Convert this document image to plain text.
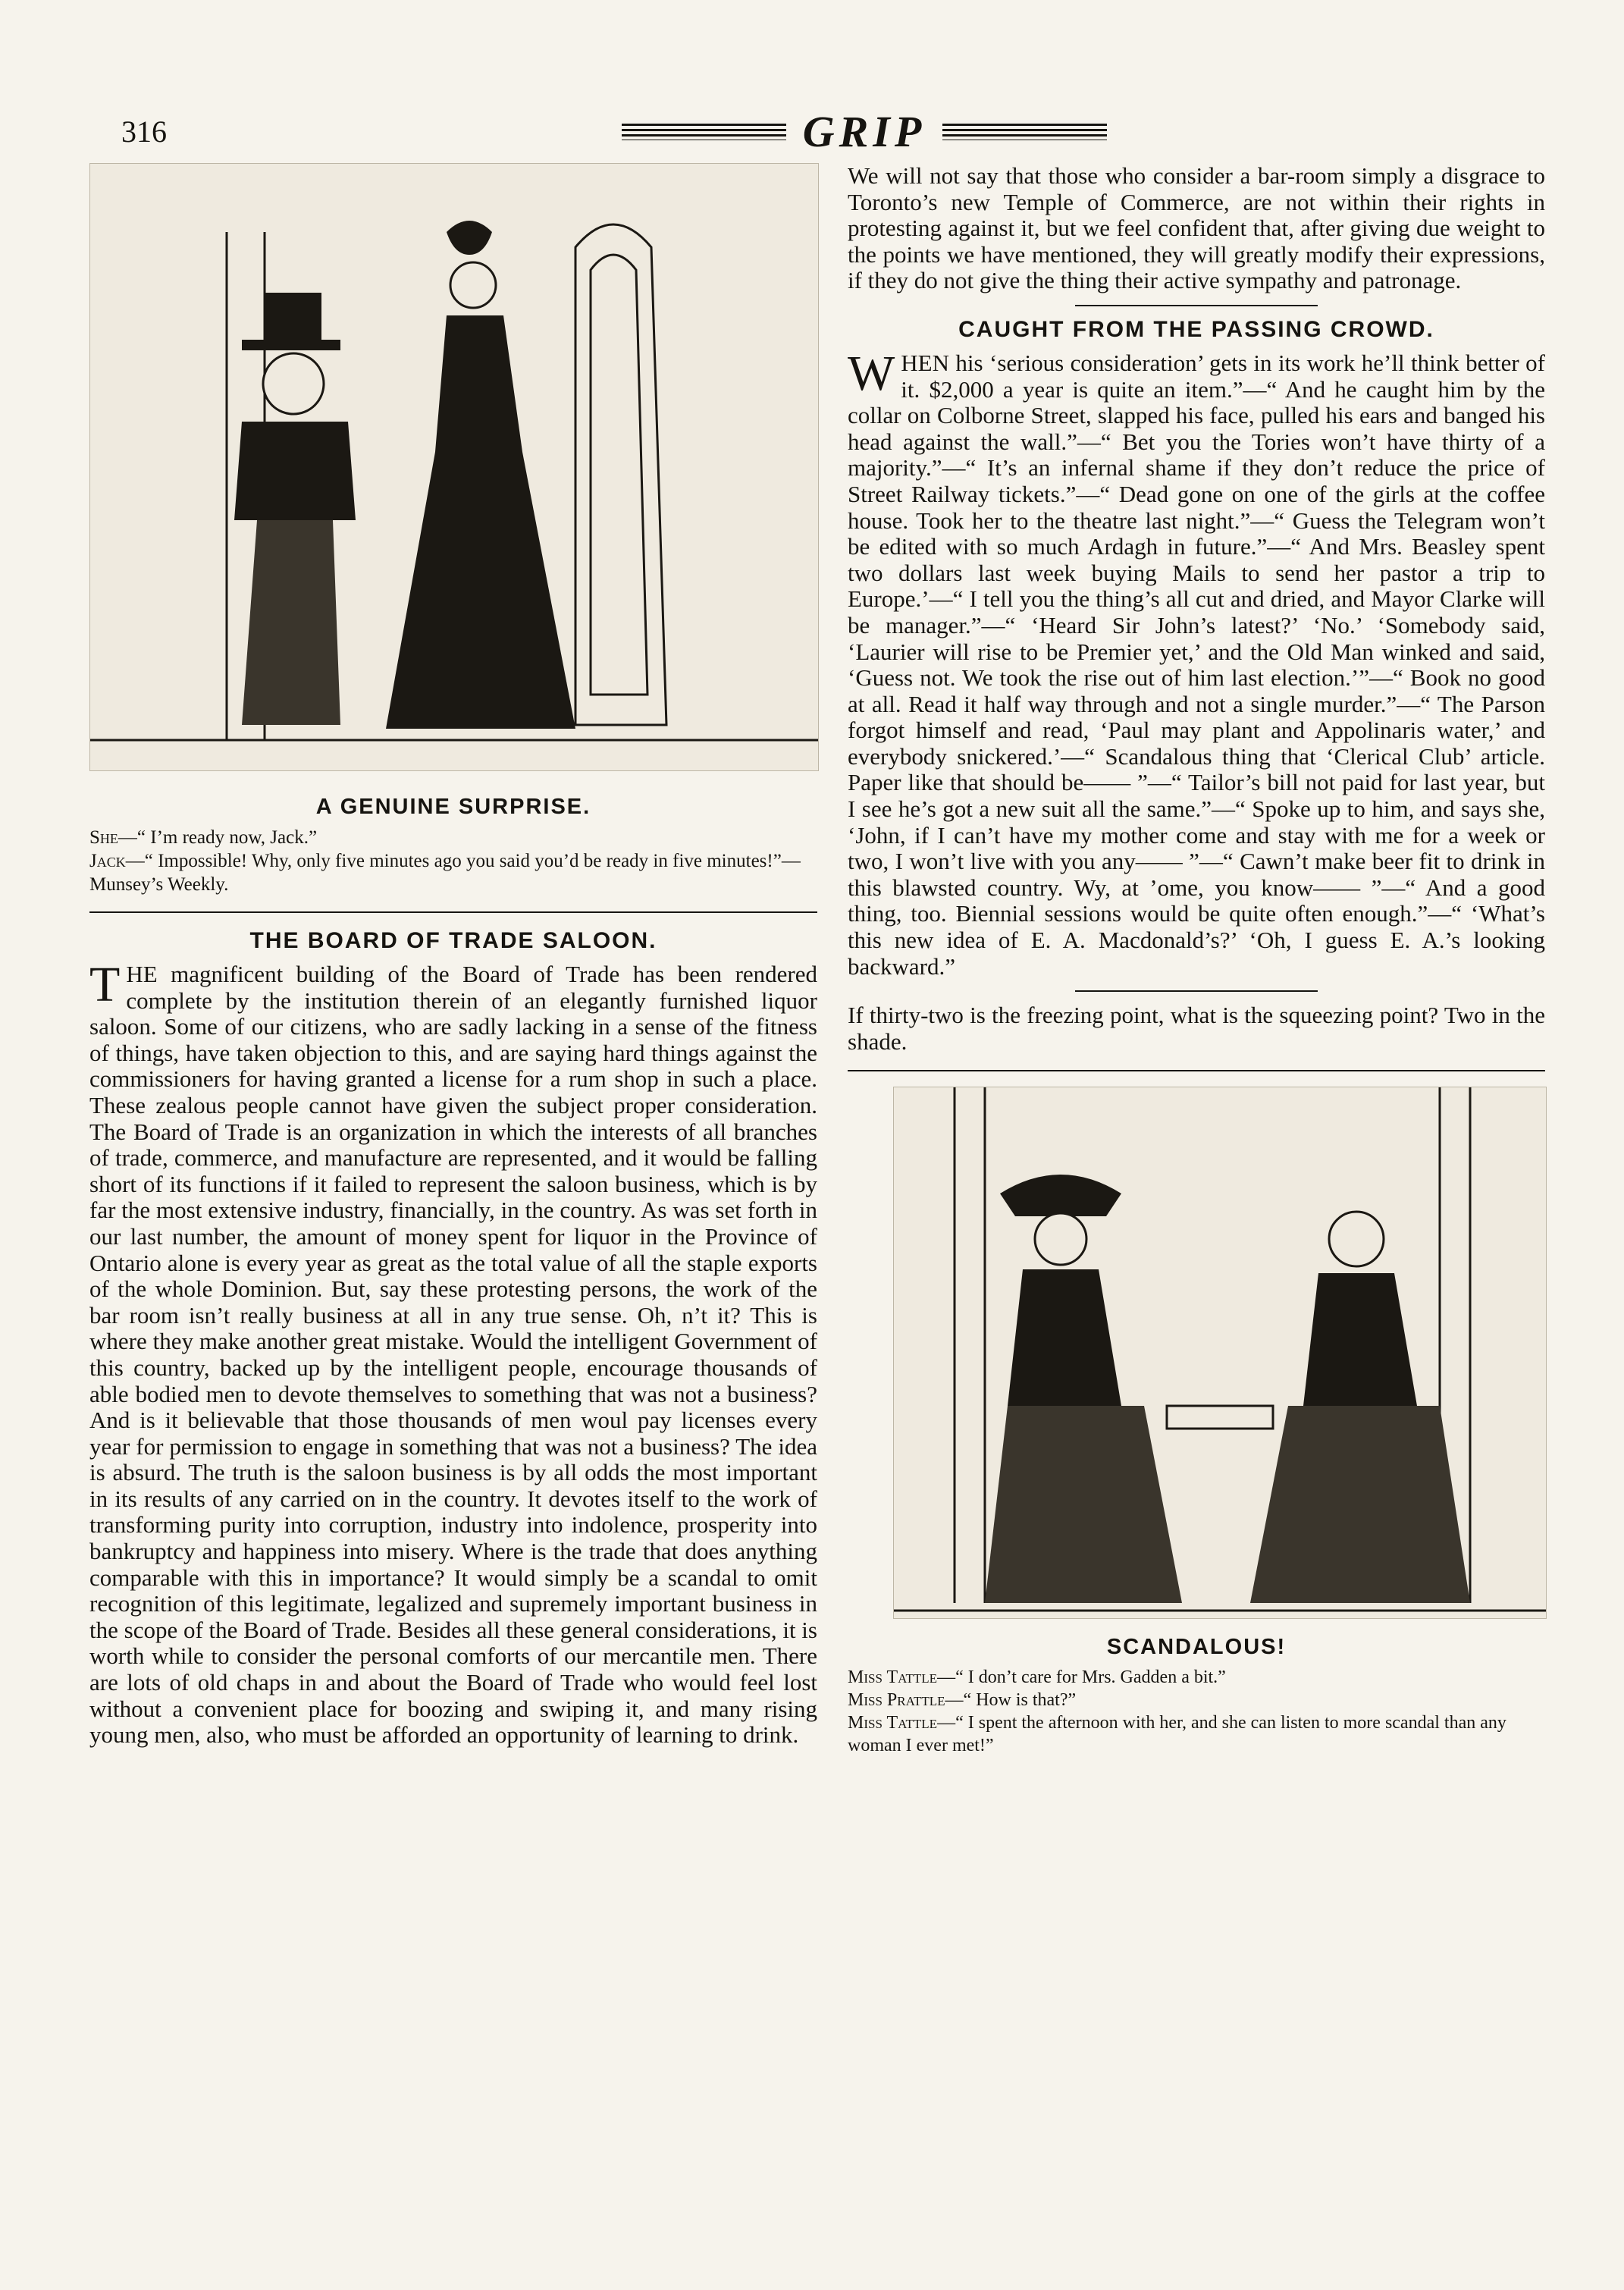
316	GRIP
A GENUINE SURPRISE.
She—“ I’m ready now, Jack.”
Jack—“ Impossible! Why, only five minutes ago you said you’d be ready in five minutes!”—Munsey’s Weekly.
THE BOARD OF TRADE SALOON.

THE magnificent building of the Board of Trade has been rendered complete by the institution therein of an elegantly furnished liquor saloon. Some of our citizens, who are sadly lacking in a sense of the fitness of things, have taken objection to this, and are saying hard things against the commissioners for having granted a license for a rum shop in such a place. These zealous people cannot have given the subject proper consideration. The Board of Trade is an organization in which the interests of all branches of trade, commerce, and manufacture are represented, and it would be falling short of its functions if it failed to represent the saloon business, which is by far the most extensive industry, financially, in the country. As was set forth in our last number, the amount of money spent for liquor in the Province of Ontario alone is every year as great as the total value of all the staple exports of the whole Dominion. But, say these protesting persons, the work of the bar room isn’t really business at all in any true sense. Oh, n’t it? This is where they make another great mistake. Would the intelligent Government of this country, backed up by the intelligent people, encourage thousands of able bodied men to devote themselves to something that was not a business? And is it believable that those thousands of men woul pay licenses every year for permission to engage in something that was not a business? The idea is absurd. The truth is the saloon business is by all odds the most important in its results of any carried on in the country. It devotes itself to the work of transforming purity into corruption, industry into indolence, prosperity into bankruptcy and happiness into misery. Where is the trade that does anything comparable with this in importance? It would simply be a scandal to omit recognition of this legitimate, legalized and supremely important business in the scope of the Board of Trade. Besides all these general considerations, it is worth while to consider the personal comforts of our mercantile men. There are lots of old chaps in and about the Board of Trade who would feel lost without a convenient place for boozing and swiping it, and many rising young men, also, who must be afforded an opportunity of learning to drink.

We will not say that those who consider a bar-room simply a disgrace to Toronto’s new Temple of Commerce, are not within their rights in protesting against it, but we feel confident that, after giving due weight to the points we have mentioned, they will greatly modify their expressions, if they do not give the thing their active sympathy and patronage.

CAUGHT FROM THE PASSING CROWD.

WHEN his ‘serious consideration’ gets in its work he’ll think better of it. $2,000 a year is quite an item.”—“ And he caught him by the collar on Colborne Street, slapped his face, pulled his ears and banged his head against the wall.”—“ Bet you the Tories won’t have thirty of a majority.”—“ It’s an infernal shame if they don’t reduce the price of Street Railway tickets.”—“ Dead gone on one of the girls at the coffee house. Took her to the theatre last night.”—“ Guess the Telegram won’t be edited with so much Ardagh in future.”—“ And Mrs. Beasley spent two dollars last week buying Mails to send her pastor a trip to Europe.’—“ I tell you the thing’s all cut and dried, and Mayor Clarke will be manager.”—“ ‘Heard Sir John’s latest?’ ‘No.’ ‘Somebody said, ‘Laurier will rise to be Premier yet,’ and the Old Man winked and said, ‘Guess not. We took the rise out of him last election.’”—“ Book no good at all. Read it half way through and not a single murder.”—“ The Parson forgot himself and read, ‘Paul may plant and Appolinaris water,’ and everybody snickered.’—“ Scandalous thing that ‘Clerical Club’ article. Paper like that should be—— ”—“ Tailor’s bill not paid for last year, but I see he’s got a new suit all the same.”—“ Spoke up to him, and says she, ‘John, if I can’t have my mother come and stay with me for a week or two, I won’t live with you any—— ”—“ Cawn’t make beer fit to drink in this blawsted country. Wy, at ’ome, you know—— ”—“ And a good thing, too. Biennial sessions would be quite often enough.”—“ ‘What’s this new idea of E. A. Macdonald’s?’ ‘Oh, I guess E. A.’s looking backward.”

If thirty-two is the freezing point, what is the squeezing point? Two in the shade.

SCANDALOUS!
Miss Tattle—“ I don’t care for Mrs. Gadden a bit.”
Miss Prattle—“ How is that?”
Miss Tattle—“ I spent the afternoon with her, and she can listen to more scandal than any woman I ever met!”
